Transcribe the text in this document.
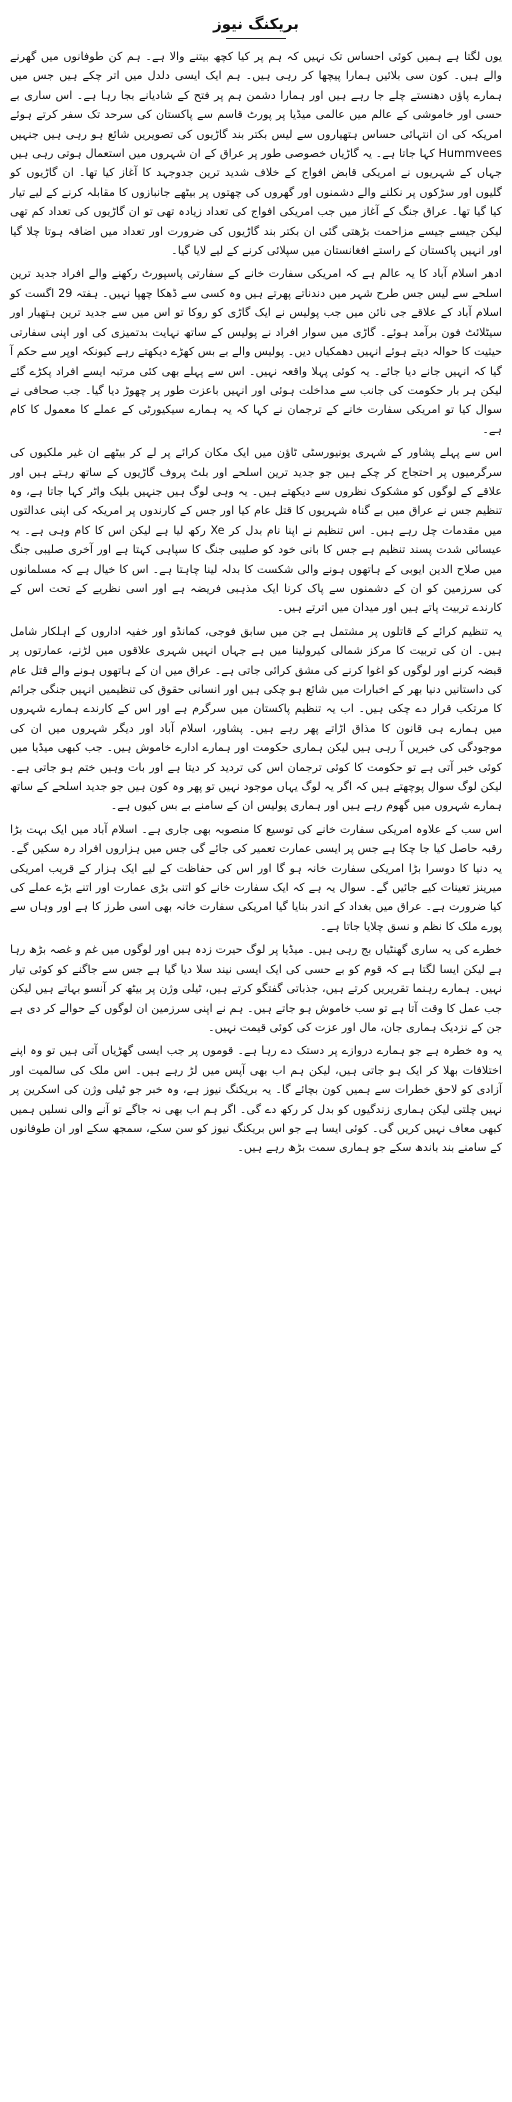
بریکنگ نیوز

یوں لگتا ہے ہمیں کوئی احساس تک نہیں کہ ہم پر کیا کچھ بیتنے والا ہے۔ ہم کن طوفانوں میں گھرنے والے ہیں۔ کون سی بلائیں ہمارا پیچھا کر رہی ہیں۔ ہم ایک ایسی دلدل میں اتر چکے ہیں جس میں ہمارے پاؤں دھنستے چلے جا رہے ہیں اور ہمارا دشمن ہم پر فتح کے شادیانے بجا رہا ہے۔ اس ساری بے حسی اور خاموشی کے عالم میں عالمی میڈیا پر پورٹ قاسم سے پاکستان کی سرحد تک سفر کرتے ہوئے امریکہ کی ان انتہائی حساس ہتھیاروں سے لیس بکتر بند گاڑیوں کی تصویریں شائع ہو رہی ہیں جنہیں Hummvees کہا جاتا ہے۔ یہ گاڑیاں خصوصی طور پر عراق کے ان شہروں میں استعمال ہوتی رہی ہیں جہاں کے شہریوں نے امریکی قابض افواج کے خلاف شدید ترین جدوجہد کا آغاز کیا تھا۔ ان گاڑیوں کو گلیوں اور سڑکوں پر نکلنے والے دشمنوں اور گھروں کی چھتوں پر بیٹھے جانبازوں کا مقابلہ کرنے کے لیے تیار کیا گیا تھا۔ عراق جنگ کے آغاز میں جب امریکی افواج کی تعداد زیادہ تھی تو ان گاڑیوں کی تعداد کم تھی لیکن جیسے جیسے مزاحمت بڑھتی گئی ان بکتر بند گاڑیوں کی ضرورت اور تعداد میں اضافہ ہوتا چلا گیا اور انہیں پاکستان کے راستے افغانستان میں سپلائی کرنے کے لیے لایا گیا۔

ادھر اسلام آباد کا یہ عالم ہے کہ امریکی سفارت خانے کے سفارتی پاسپورٹ رکھنے والے افراد جدید ترین اسلحے سے لیس جس طرح شہر میں دندناتے پھرتے ہیں وہ کسی سے ڈھکا چھپا نہیں۔ ہفتہ 29 اگست کو اسلام آباد کے علاقے جی نائن میں جب پولیس نے ایک گاڑی کو روکا تو اس میں سے جدید ترین ہتھیار اور سیٹلائٹ فون برآمد ہوئے۔ گاڑی میں سوار افراد نے پولیس کے ساتھ نہایت بدتمیزی کی اور اپنی سفارتی حیثیت کا حوالہ دیتے ہوئے انہیں دھمکیاں دیں۔ پولیس والے بے بس کھڑے دیکھتے رہے کیونکہ اوپر سے حکم آ گیا کہ انہیں جانے دیا جائے۔ یہ کوئی پہلا واقعہ نہیں۔ اس سے پہلے بھی کئی مرتبہ ایسے افراد پکڑے گئے لیکن ہر بار حکومت کی جانب سے مداخلت ہوئی اور انہیں باعزت طور پر چھوڑ دیا گیا۔ جب صحافی نے سوال کیا تو امریکی سفارت خانے کے ترجمان نے کہا کہ یہ ہمارے سیکیورٹی کے عملے کا معمول کا کام ہے۔

اس سے پہلے پشاور کے شہری یونیورسٹی ٹاؤن میں ایک مکان کرائے پر لے کر بیٹھے ان غیر ملکیوں کی سرگرمیوں پر احتجاج کر چکے ہیں جو جدید ترین اسلحے اور بلٹ پروف گاڑیوں کے ساتھ رہتے ہیں اور علاقے کے لوگوں کو مشکوک نظروں سے دیکھتے ہیں۔ یہ وہی لوگ ہیں جنہیں بلیک واٹر کہا جاتا ہے، وہ تنظیم جس نے عراق میں بے گناہ شہریوں کا قتل عام کیا اور جس کے کارندوں پر امریکہ کی اپنی عدالتوں میں مقدمات چل رہے ہیں۔ اس تنظیم نے اپنا نام بدل کر Xe رکھ لیا ہے لیکن اس کا کام وہی ہے۔ یہ عیسائی شدت پسند تنظیم ہے جس کا بانی خود کو صلیبی جنگ کا سپاہی کہتا ہے اور آخری صلیبی جنگ میں صلاح الدین ایوبی کے ہاتھوں ہونے والی شکست کا بدلہ لینا چاہتا ہے۔ اس کا خیال ہے کہ مسلمانوں کی سرزمین کو ان کے دشمنوں سے پاک کرنا ایک مذہبی فریضہ ہے اور اسی نظریے کے تحت اس کے کارندے تربیت پاتے ہیں اور میدان میں اترتے ہیں۔

یہ تنظیم کرائے کے قاتلوں پر مشتمل ہے جن میں سابق فوجی، کمانڈو اور خفیہ اداروں کے اہلکار شامل ہیں۔ ان کی تربیت کا مرکز شمالی کیرولینا میں ہے جہاں انہیں شہری علاقوں میں لڑنے، عمارتوں پر قبضہ کرنے اور لوگوں کو اغوا کرنے کی مشق کرائی جاتی ہے۔ عراق میں ان کے ہاتھوں ہونے والے قتل عام کی داستانیں دنیا بھر کے اخبارات میں شائع ہو چکی ہیں اور انسانی حقوق کی تنظیمیں انہیں جنگی جرائم کا مرتکب قرار دے چکی ہیں۔ اب یہ تنظیم پاکستان میں سرگرم ہے اور اس کے کارندے ہمارے شہروں میں ہمارے ہی قانون کا مذاق اڑاتے پھر رہے ہیں۔ پشاور، اسلام آباد اور دیگر شہروں میں ان کی موجودگی کی خبریں آ رہی ہیں لیکن ہماری حکومت اور ہمارے ادارے خاموش ہیں۔ جب کبھی میڈیا میں کوئی خبر آتی ہے تو حکومت کا کوئی ترجمان اس کی تردید کر دیتا ہے اور بات وہیں ختم ہو جاتی ہے۔ لیکن لوگ سوال پوچھتے ہیں کہ اگر یہ لوگ یہاں موجود نہیں تو پھر وہ کون ہیں جو جدید اسلحے کے ساتھ ہمارے شہروں میں گھوم رہے ہیں اور ہماری پولیس ان کے سامنے بے بس کیوں ہے۔

اس سب کے علاوہ امریکی سفارت خانے کی توسیع کا منصوبہ بھی جاری ہے۔ اسلام آباد میں ایک بہت بڑا رقبہ حاصل کیا جا چکا ہے جس پر ایسی عمارت تعمیر کی جائے گی جس میں ہزاروں افراد رہ سکیں گے۔ یہ دنیا کا دوسرا بڑا امریکی سفارت خانہ ہو گا اور اس کی حفاظت کے لیے ایک ہزار کے قریب امریکی میرینز تعینات کیے جائیں گے۔ سوال یہ ہے کہ ایک سفارت خانے کو اتنی بڑی عمارت اور اتنے بڑے عملے کی کیا ضرورت ہے۔ عراق میں بغداد کے اندر بنایا گیا امریکی سفارت خانہ بھی اسی طرز کا ہے اور وہاں سے پورے ملک کا نظم و نسق چلایا جاتا ہے۔

خطرے کی یہ ساری گھنٹیاں بج رہی ہیں۔ میڈیا پر لوگ حیرت زدہ ہیں اور لوگوں میں غم و غصہ بڑھ رہا ہے لیکن ایسا لگتا ہے کہ قوم کو بے حسی کی ایک ایسی نیند سلا دیا گیا ہے جس سے جاگنے کو کوئی تیار نہیں۔ ہمارے رہنما تقریریں کرتے ہیں، جذباتی گفتگو کرتے ہیں، ٹیلی وژن پر بیٹھ کر آنسو بہاتے ہیں لیکن جب عمل کا وقت آتا ہے تو سب خاموش ہو جاتے ہیں۔ ہم نے اپنی سرزمین ان لوگوں کے حوالے کر دی ہے جن کے نزدیک ہماری جان، مال اور عزت کی کوئی قیمت نہیں۔

یہ وہ خطرہ ہے جو ہمارے دروازے پر دستک دے رہا ہے۔ قوموں پر جب ایسی گھڑیاں آتی ہیں تو وہ اپنے اختلافات بھلا کر ایک ہو جاتی ہیں، لیکن ہم اب بھی آپس میں لڑ رہے ہیں۔ اس ملک کی سالمیت اور آزادی کو لاحق خطرات سے ہمیں کون بچائے گا۔ یہ بریکنگ نیوز ہے، وہ خبر جو ٹیلی وژن کی اسکرین پر نہیں چلتی لیکن ہماری زندگیوں کو بدل کر رکھ دے گی۔ اگر ہم اب بھی نہ جاگے تو آنے والی نسلیں ہمیں کبھی معاف نہیں کریں گی۔ کوئی ایسا ہے جو اس بریکنگ نیوز کو سن سکے، سمجھ سکے اور ان طوفانوں کے سامنے بند باندھ سکے جو ہماری سمت بڑھ رہے ہیں۔
